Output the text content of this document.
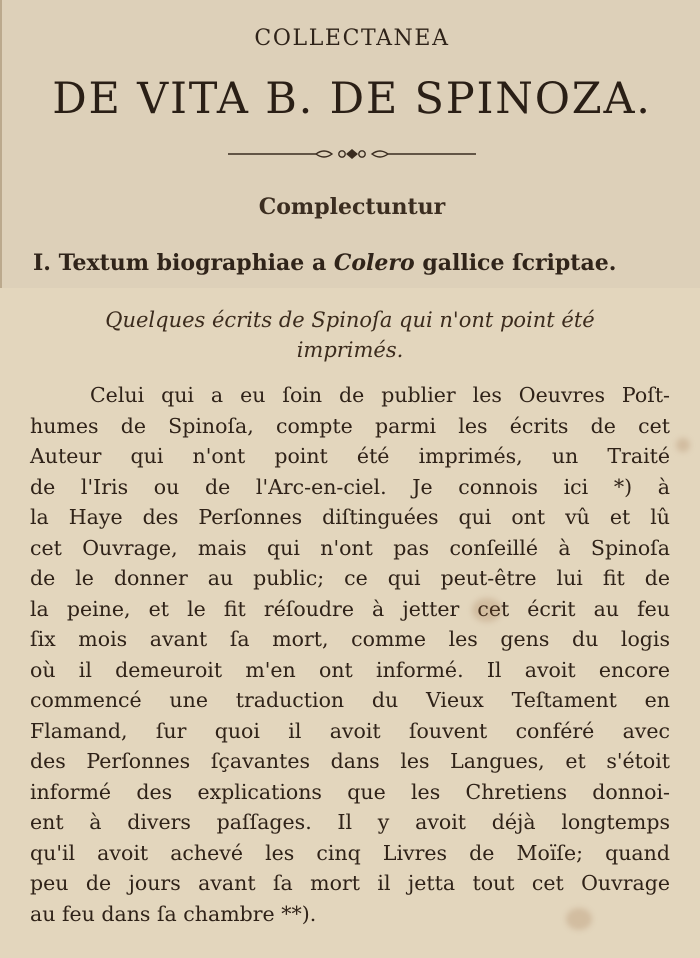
COLLECTANEA
DE VITA B. DE SPINOZA.
Complectuntur
I. Textum biographiae a Colero gallice ſcriptae.
Quelques écrits de Spinoſa qui n'ont point été
imprimés.
Celui qui a eu ſoin de publier les Oeuvres Poſt-
humes de Spinoſa, compte parmi les écrits de cet
Auteur qui n'ont point été imprimés, un Traité
de l'Iris ou de l'Arc-en-ciel. Je connois ici *) à
la Haye des Perſonnes diſtinguées qui ont vû et lû
cet Ouvrage, mais qui n'ont pas conſeillé à Spinoſa
de le donner au public; ce qui peut-être lui fit de
la peine, et le fit réſoudre à jetter cet écrit au feu
ſix mois avant ſa mort, comme les gens du logis
où il demeuroit m'en ont informé. Il avoit encore
commencé une traduction du Vieux Teſtament en
Flamand, ſur quoi il avoit ſouvent conféré avec
des Perſonnes ſçavantes dans les Langues, et s'étoit
informé des explications que les Chretiens donnoi-
ent à divers paſſages. Il y avoit déjà longtemps
qu'il avoit achevé les cinq Livres de Moïſe; quand
peu de jours avant ſa mort il jetta tout cet Ouvrage
au feu dans ſa chambre **).
